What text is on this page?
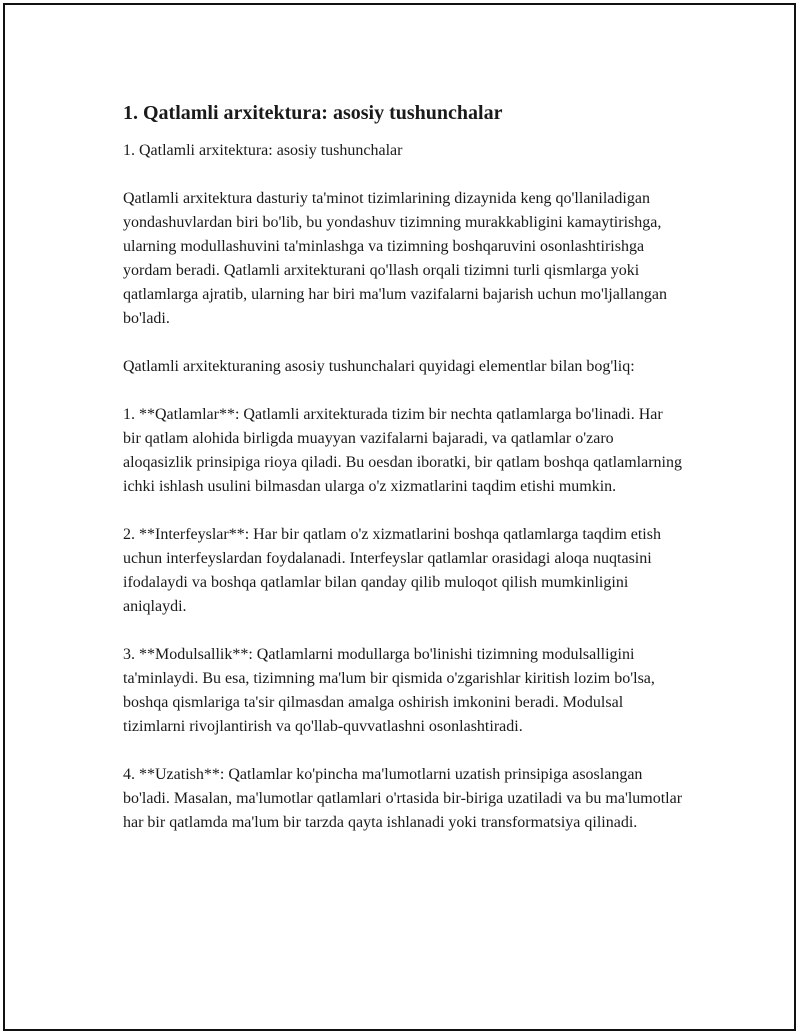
1. Qatlamli arxitektura: asosiy tushunchalar

1. Qatlamli arxitektura: asosiy tushunchalar

Qatlamli arxitektura dasturiy ta'minot tizimlarining dizaynida keng qo'llaniladigan yondashuvlardan biri bo'lib, bu yondashuv tizimning murakkabligini kamaytirishga, ularning modullashuvini ta'minlashga va tizimning boshqaruvini osonlashtirishga yordam beradi. Qatlamli arxitekturani qo'llash orqali tizimni turli qismlarga yoki qatlamlarga ajratib, ularning har biri ma'lum vazifalarni bajarish uchun mo'ljallangan bo'ladi.

Qatlamli arxitekturaning asosiy tushunchalari quyidagi elementlar bilan bog'liq:

1. **Qatlamlar**: Qatlamli arxitekturada tizim bir nechta qatlamlarga bo'linadi. Har bir qatlam alohida birligda muayyan vazifalarni bajaradi, va qatlamlar o'zaro aloqasizlik prinsipiga rioya qiladi. Bu oesdan iboratki, bir qatlam boshqa qatlamlarning ichki ishlash usulini bilmasdan ularga o'z xizmatlarini taqdim etishi mumkin.

2. **Interfeyslar**: Har bir qatlam o'z xizmatlarini boshqa qatlamlarga taqdim etish uchun interfeyslardan foydalanadi. Interfeyslar qatlamlar orasidagi aloqa nuqtasini ifodalaydi va boshqa qatlamlar bilan qanday qilib muloqot qilish mumkinligini aniqlaydi.

3. **Modulsallik**: Qatlamlarni modullarga bo'linishi tizimning modulsalligini ta'minlaydi. Bu esa, tizimning ma'lum bir qismida o'zgarishlar kiritish lozim bo'lsa, boshqa qismlariga ta'sir qilmasdan amalga oshirish imkonini beradi. Modulsal tizimlarni rivojlantirish va qo'llab-quvvatlashni osonlashtiradi.

4. **Uzatish**: Qatlamlar ko'pincha ma'lumotlarni uzatish prinsipiga asoslangan bo'ladi. Masalan, ma'lumotlar qatlamlari o'rtasida bir-biriga uzatiladi va bu ma'lumotlar har bir qatlamda ma'lum bir tarzda qayta ishlanadi yoki transformatsiya qilinadi.
